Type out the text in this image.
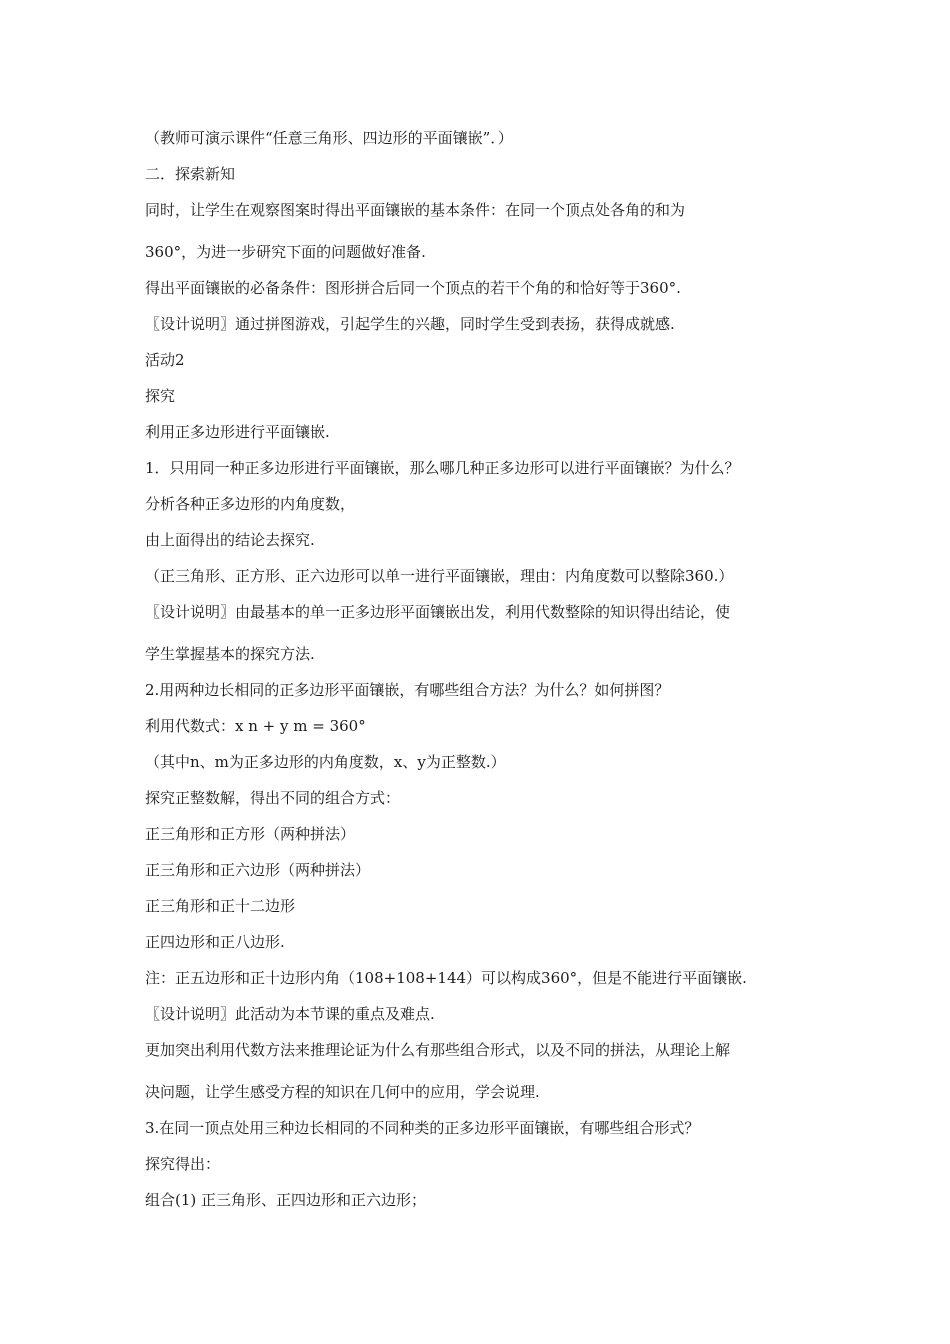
（教师可演示课件“任意三角形、四边形的平面镶嵌”．）
二．探索新知
同时，让学生在观察图案时得出平面镶嵌的基本条件：在同一个顶点处各角的和为
360°，为进一步研究下面的问题做好准备.
得出平面镶嵌的必备条件：图形拼合后同一个顶点的若干个角的和恰好等于360°.
〖设计说明〗通过拼图游戏，引起学生的兴趣，同时学生受到表扬，获得成就感.
活动2
探究
利用正多边形进行平面镶嵌.
1．只用同一种正多边形进行平面镶嵌，那么哪几种正多边形可以进行平面镶嵌？为什么？
分析各种正多边形的内角度数，
由上面得出的结论去探究.
（正三角形、正方形、正六边形可以单一进行平面镶嵌，理由：内角度数可以整除360.）
〖设计说明〗由最基本的单一正多边形平面镶嵌出发，利用代数整除的知识得出结论，使
学生掌握基本的探究方法.
2.用两种边长相同的正多边形平面镶嵌，有哪些组合方法？为什么？如何拼图？
利用代数式：x n + y m = 360°
（其中n、m为正多边形的内角度数，x、y为正整数.）
探究正整数解，得出不同的组合方式：
正三角形和正方形（两种拼法）
正三角形和正六边形（两种拼法）
正三角形和正十二边形
正四边形和正八边形.
注：正五边形和正十边形内角（108+108+144）可以构成360°，但是不能进行平面镶嵌.
〖设计说明〗此活动为本节课的重点及难点.
更加突出利用代数方法来推理论证为什么有那些组合形式，以及不同的拼法，从理论上解
决问题，让学生感受方程的知识在几何中的应用，学会说理.
3.在同一顶点处用三种边长相同的不同种类的正多边形平面镶嵌，有哪些组合形式？
探究得出：
组合(1) 正三角形、正四边形和正六边形；
